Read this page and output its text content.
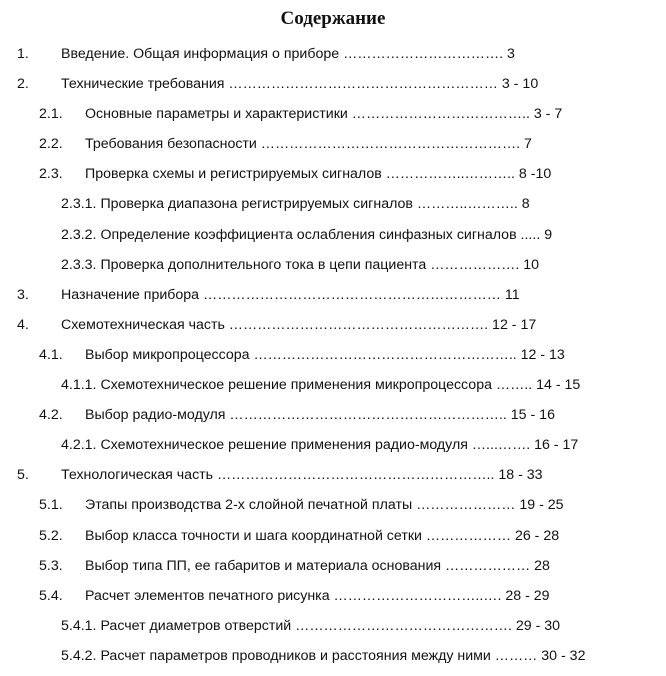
Содержание
1. Введение. Общая информация о приборе ……………………………. 3
2. Технические требования ………………………………………………… 3 - 10
2.1. Основные параметры и характеристики ……………………………….. 3 - 7
2.2. Требования безопасности ………………………………………………. 7
2.3. Проверка схемы и регистрируемых сигналов ……………..……….. 8 -10
2.3.1. Проверка диапазона регистрируемых сигналов ………..……….. 8
2.3.2. Определение коэффициента ослабления синфазных сигналов ..... 9
2.3.3. Проверка дополнительного тока в цепи пациента ………………. 10
3. Назначение прибора ……………………………………………………… 11
4. Схемотехническая часть ………………………………………………. 12 - 17
4.1. Выбор микропроцессора ……………………………………………….. 12 - 13
4.1.1. Схемотехническое решение применения микропроцессора …….. 14 - 15
4.2. Выбор радио-модуля ………………………………………………….. 15 - 16
4.2.1. Схемотехническое решение применения радио-модуля …...……. 16 - 17
5. Технологическая часть ………………………………………………….. 18 - 33
5.1. Этапы производства 2-х слойной печатной платы ………………… 19 - 25
5.2. Выбор класса точности и шага координатной сетки ……………… 26 - 28
5.3. Выбор типа ПП, ее габаритов и материала основания ……………… 28
5.4. Расчет элементов печатного рисунка …………………………..…. 28 - 29
5.4.1. Расчет диаметров отверстий ………………………………………. 29 - 30
5.4.2. Расчет параметров проводников и расстояния между ними ……… 30 - 32
